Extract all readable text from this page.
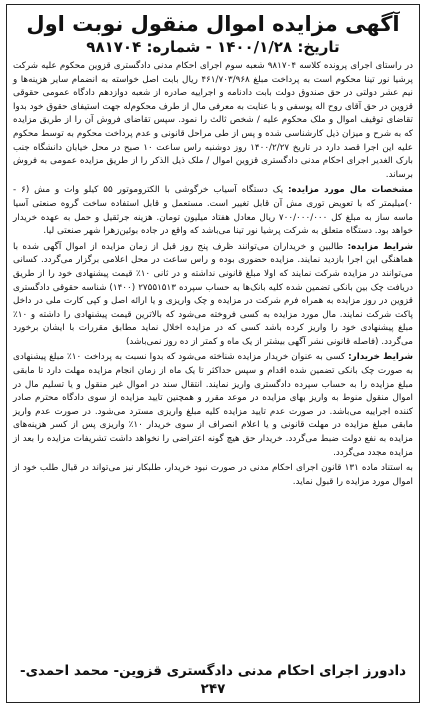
آگهی مزایده اموال منقول نوبت اول
تاریخ: ۱۴۰۰/۱/۲۸ - شماره: ۹۸۱۷۰۴

در راستای اجرای پرونده کلاسه ۹۸۱۷۰۴ شعبه سوم اجرای احکام مدنی دادگستری قزوین محکوم علیه شرکت پرشیا نور تینا محکوم است به پرداخت مبلغ ۴۶۱/۷۰۳/۹۶۸ ریال بابت اصل خواسته به انضمام سایر هزینه‌ها و نیم عشر دولتی در حق صندوق دولت بابت دادنامه و اجراییه صادره از شعبه دوازدهم دادگاه عمومی حقوقی قزوین در حق آقای روح اله یوسفی و با عنایت به معرفی مال از طرف محکوم‌له جهت استیفای حقوق خود بدوا تقاضای توقیف اموال و ملک محکوم علیه / شخص ثالث را نمود. سپس تقاضای فروش آن را از طریق مزایده که به شرح و میزان ذیل کارشناسی شده و پس از طی مراحل قانونی و عدم پرداخت محکوم به توسط محکوم علیه این اجرا قصد دارد در تاریخ ۱۴۰۰/۲/۲۷ روز دوشنبه راس ساعت ۱۰ صبح در محل خیابان دانشگاه جنب بارک الغدیر اجرای احکام مدنی دادگستری قزوین اموال / ملک ذیل الذکر را از طریق مزایده عمومی به فروش برساند.

مشخصات مال مورد مزایده: یک دستگاه آسیاب خرگوشی با الکتروموتور ۵۵ کیلو وات و مش (۶ - ۰)میلیمتر که با تعویض توری مش آن قابل تغییر است. مستعمل و قابل استفاده ساخت گروه صنعتی آسیا ماسه ساز به مبلغ کل ۷۰۰/۰۰۰/۰۰۰ ریال معادل هفتاد میلیون تومان. هزینه جرثقیل و حمل به عهده خریدار خواهد بود. دستگاه متعلق به شرکت پرشیا نور تینا می‌باشد که واقع در جاده بوئین‌زهرا شهر صنعتی لیا.

شرایط مزایده: طالبین و خریداران می‌توانند ظرف پنج روز قبل از زمان مزایده از اموال آگهی شده با هماهنگی این اجرا بازدید نمایند. مزایده حضوری بوده و راس ساعت در محل اعلامی برگزار می‌گردد. کسانی می‌توانند در مزایده شرکت نمایند که اولا مبلغ قانونی نداشته و در ثانی ۱۰٪ قیمت پیشنهادی خود را از طریق دریافت چک بین بانکی تضمین شده کلیه بانک‌ها به حساب سپرده ۲۷۵۵۱۵۱۳ (۱۴۰۰) شناسه حقوقی دادگستری قزوین در روز مزایده به همراه فرم شرکت در مزایده و چک واریزی و یا ارائه اصل و کپی کارت ملی در داخل پاکت شرکت نمایند. مال مورد مزایده به کسی فروخته می‌شود که بالاترین قیمت پیشنهادی را داشته و ۱۰٪ مبلغ پیشنهادی خود را واریز کرده باشد کسی که در مزایده اخلال نماید مطابق مقررات با ایشان برخورد می‌گردد. (فاصله قانونی نشر آگهی بیشتر از یک ماه و کمتر از ده روز نمی‌باشد)

شرایط خریدار: کسی به عنوان خریدار مزایده شناخته می‌شود که بدوا نسبت به پرداخت ۱۰٪ مبلغ پیشنهادی به صورت چک بانکی تضمین شده اقدام و سپس حداکثر تا یک ماه از زمان انجام مزایده مهلت دارد تا مابقی مبلغ مزایده را به حساب سپرده دادگستری واریز نمایند. انتقال سند در اموال غیر منقول و یا تسلیم مال در اموال منقول منوط به واریز بهای مزایده در موعد مقرر و همچنین تایید مزایده از سوی دادگاه محترم صادر کننده اجراییه می‌باشد. در صورت عدم تایید مزایده کلیه مبلغ واریزی مسترد می‌شود. در صورت عدم واریز مابقی مبلغ مزایده در مهلت قانونی و یا اعلام انصراف از سوی خریدار ۱۰٪ واریزی پس از کسر هزینه‌های مزایده به نفع دولت ضبط می‌گردد. خریدار حق هیچ گونه اعتراضی را نخواهد داشت تشریفات مزایده را بعد از مزایده مجدد می‌گردد.

به استناد ماده ۱۳۱ قانون اجرای احکام مدنی در صورت نبود خریدار، طلبکار نیز می‌تواند در قبال طلب خود از اموال مورد مزایده را قبول نماید.

دادورز اجرای احکام مدنی دادگستری قزوین- محمد احمدی- ۲۴۷
